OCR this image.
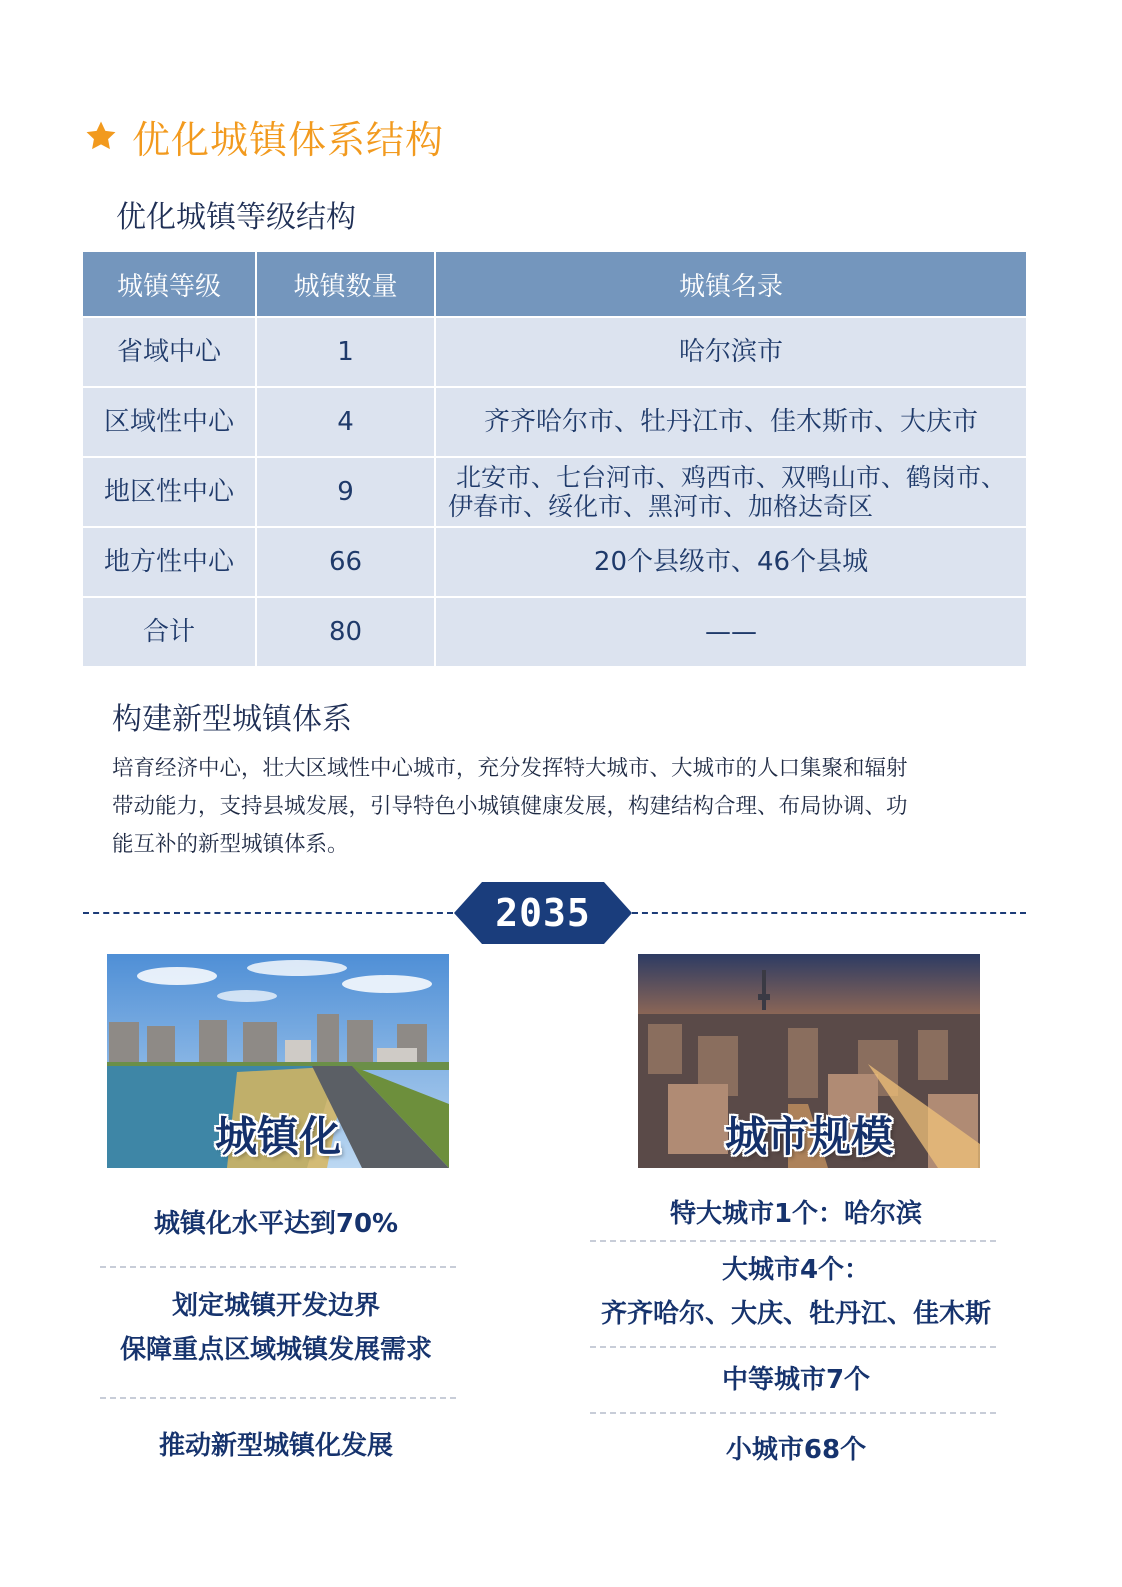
优化城镇体系结构
优化城镇等级结构
城镇等级	城镇数量	城镇名录
省域中心	1	哈尔滨市
区域性中心	4	齐齐哈尔市、牡丹江市、佳木斯市、大庆市
地区性中心	9	北安市、七台河市、鸡西市、双鸭山市、鹤岗市、
伊春市、绥化市、黑河市、加格达奇区

地方性中心	66	20个县级市、46个县城
合计	80	——
构建新型城镇体系
培育经济中心，壮大区域性中心城市，充分发挥特大城市、大城市的人口集聚和辐射
带动能力，支持县城发展，引导特色小城镇健康发展，构建结构合理、布局协调、功
能互补的新型城镇体系。
2035
城镇化	城市规模
城镇化水平达到70%
划定城镇开发边界
保障重点区域城镇发展需求
推动新型城镇化发展
特大城市1个：哈尔滨
大城市4个：
齐齐哈尔、大庆、牡丹江、佳木斯
中等城市7个
小城市68个
